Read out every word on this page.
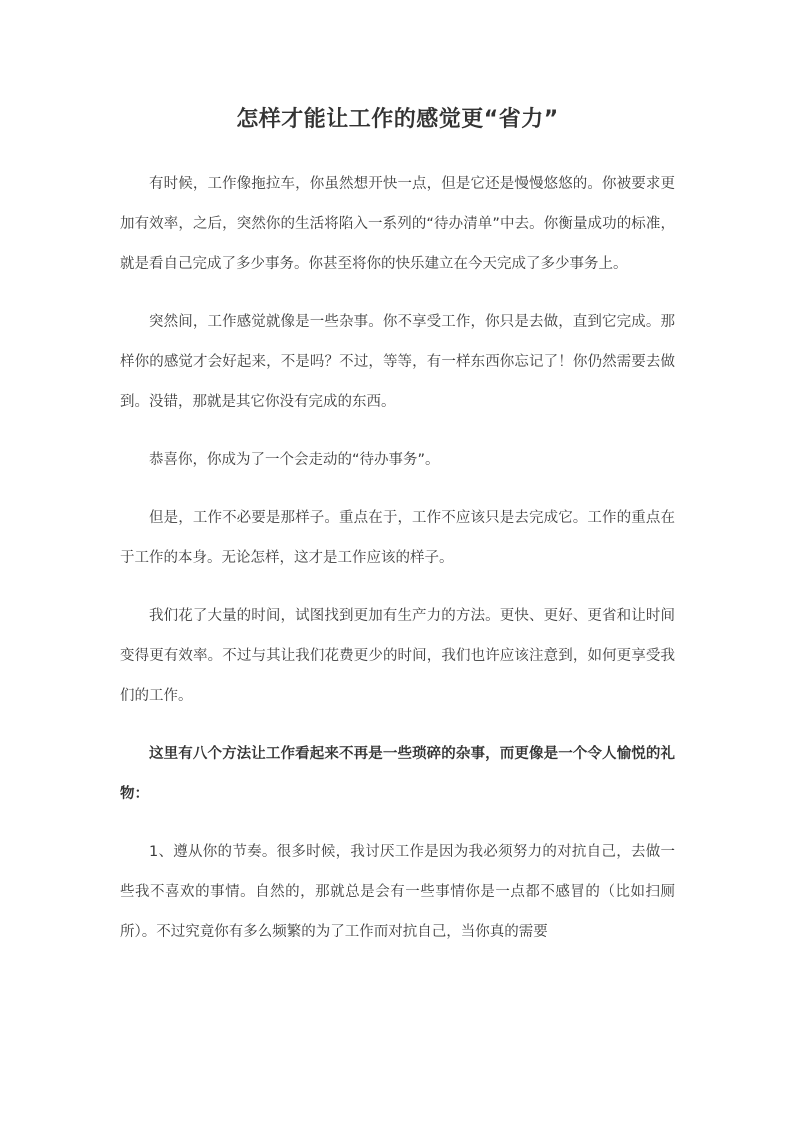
怎样才能让工作的感觉更“省力”

有时候，工作像拖拉车，你虽然想开快一点，但是它还是慢慢悠悠的。你被要求更加有效率，之后，突然你的生活将陷入一系列的“待办清单”中去。你衡量成功的标准，就是看自己完成了多少事务。你甚至将你的快乐建立在今天完成了多少事务上。

突然间，工作感觉就像是一些杂事。你不享受工作，你只是去做，直到它完成。那样你的感觉才会好起来，不是吗？不过，等等，有一样东西你忘记了！你仍然需要去做到。没错，那就是其它你没有完成的东西。

恭喜你，你成为了一个会走动的“待办事务”。

但是，工作不必要是那样子。重点在于，工作不应该只是去完成它。工作的重点在于工作的本身。无论怎样，这才是工作应该的样子。

我们花了大量的时间，试图找到更加有生产力的方法。更快、更好、更省和让时间变得更有效率。不过与其让我们花费更少的时间，我们也许应该注意到，如何更享受我们的工作。

这里有八个方法让工作看起来不再是一些琐碎的杂事，而更像是一个令人愉悦的礼物：

1、遵从你的节奏。很多时候，我讨厌工作是因为我必须努力的对抗自己，去做一些我不喜欢的事情。自然的，那就总是会有一些事情你是一点都不感冒的（比如扫厕所）。不过究竟你有多么频繁的为了工作而对抗自己，当你真的需要
